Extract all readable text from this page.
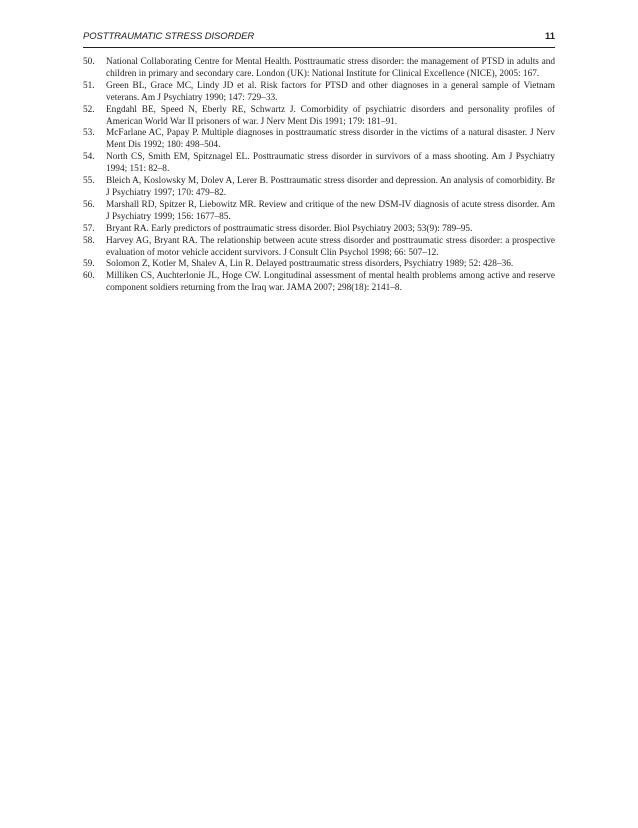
POSTTRAUMATIC STRESS DISORDER	11
50. National Collaborating Centre for Mental Health. Posttraumatic stress disorder: the management of PTSD in adults and children in primary and secondary care. London (UK): National Institute for Clinical Excellence (NICE), 2005: 167.
51. Green BL, Grace MC, Lindy JD et al. Risk factors for PTSD and other diagnoses in a general sample of Vietnam veterans. Am J Psychiatry 1990; 147: 729–33.
52. Engdahl BE, Speed N, Eberly RE, Schwartz J. Comorbidity of psychiatric disorders and personality profiles of American World War II prisoners of war. J Nerv Ment Dis 1991; 179: 181–91.
53. McFarlane AC, Papay P. Multiple diagnoses in posttraumatic stress disorder in the victims of a natural disaster. J Nerv Ment Dis 1992; 180: 498–504.
54. North CS, Smith EM, Spitznagel EL. Posttraumatic stress disorder in survivors of a mass shooting. Am J Psychiatry 1994; 151: 82–8.
55. Bleich A, Koslowsky M, Dolev A, Lerer B. Posttraumatic stress disorder and depression. An analysis of comorbidity. Br J Psychiatry 1997; 170: 479–82.
56. Marshall RD, Spitzer R, Liebowitz MR. Review and critique of the new DSM-IV diagnosis of acute stress disorder. Am J Psychiatry 1999; 156: 1677–85.
57. Bryant RA. Early predictors of posttraumatic stress disorder. Biol Psychiatry 2003; 53(9): 789–95.
58. Harvey AG, Bryant RA. The relationship between acute stress disorder and posttraumatic stress disorder: a prospective evaluation of motor vehicle accident survivors. J Consult Clin Psychol 1998; 66: 507–12.
59. Solomon Z, Kotler M, Shalev A, Lin R. Delayed posttraumatic stress disorders, Psychiatry 1989; 52: 428–36.
60. Milliken CS, Auchterlonie JL, Hoge CW. Longitudinal assessment of mental health problems among active and reserve component soldiers returning from the Iraq war. JAMA 2007; 298(18): 2141–8.
